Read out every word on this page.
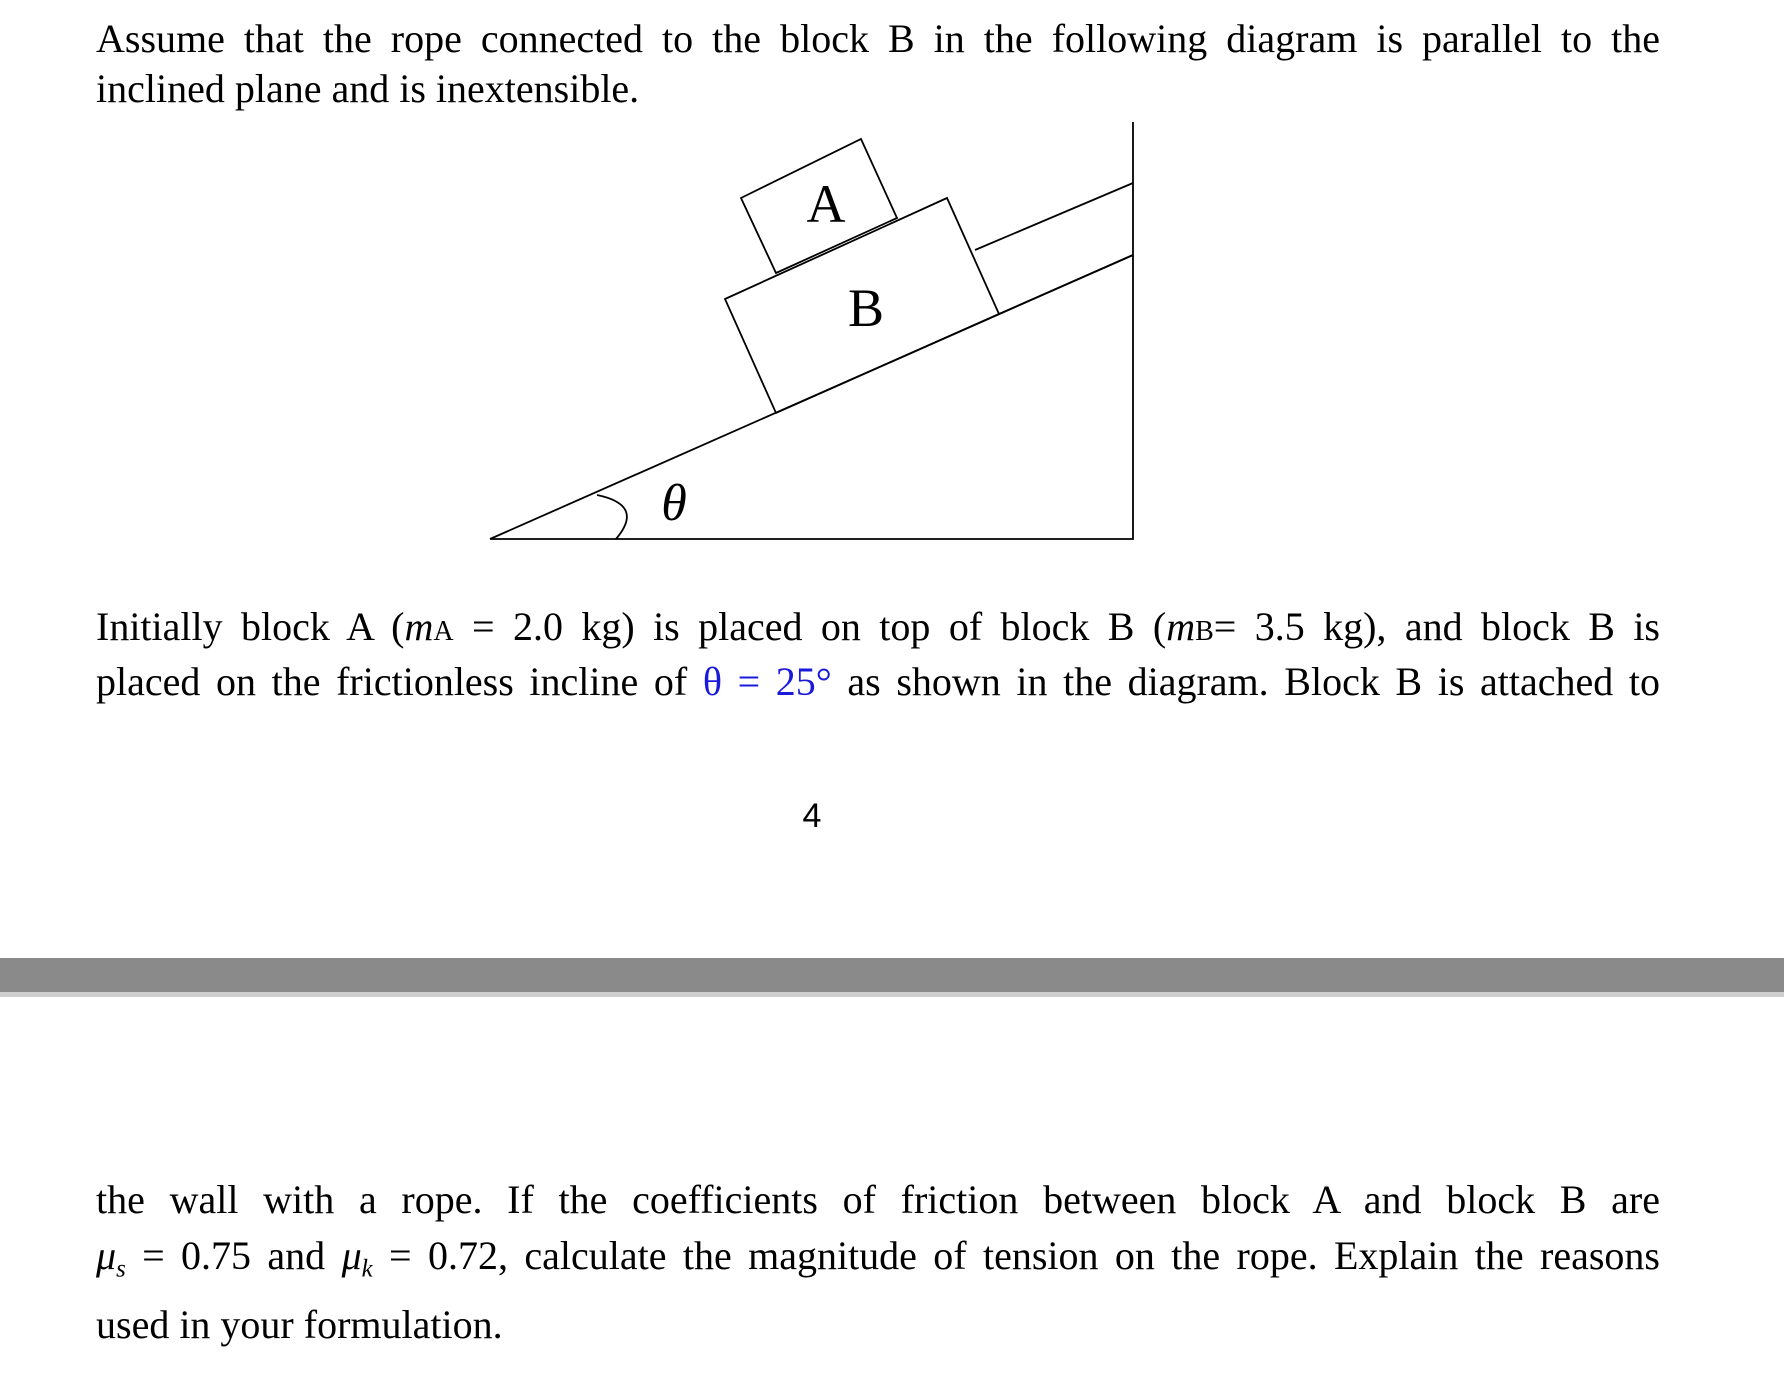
Assume that the rope connected to the block B in the following diagram is parallel to the
inclined plane and is inextensible.
A
B
θ
Initially block A (mA = 2.0 kg) is placed on top of block B (mB= 3.5 kg), and block B is
placed on the frictionless incline of θ = 25° as shown in the diagram. Block B is attached to
4
the wall with a rope. If the coefficients of friction between block A and block B are
$\mu_s = 0.75$ and $\mu_k = 0.72$, calculate the magnitude of tension on the rope. Explain the reasons
used in your formulation.
